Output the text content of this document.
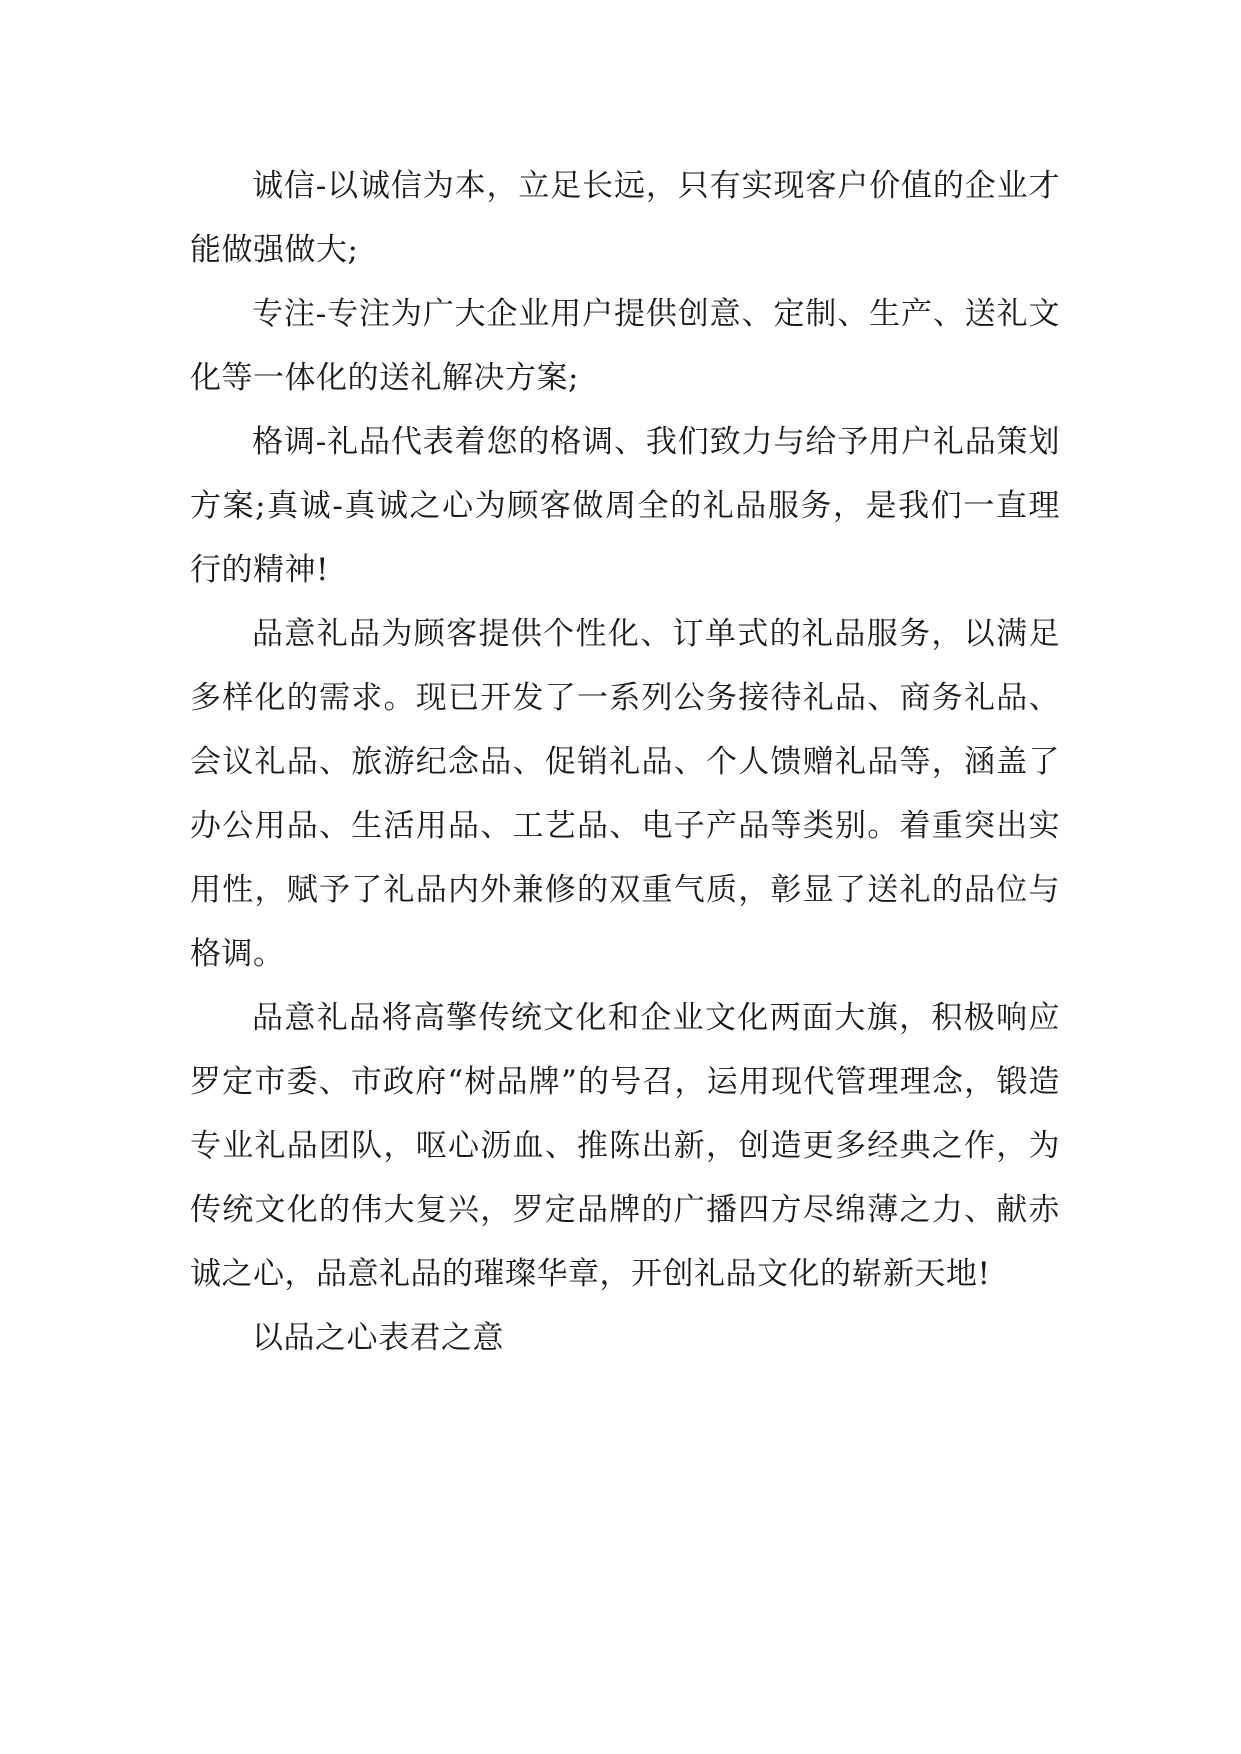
诚信-以诚信为本，立足长远，只有实现客户价值的企业才能做强做大;

专注-专注为广大企业用户提供创意、定制、生产、送礼文化等一体化的送礼解决方案;

格调-礼品代表着您的格调、我们致力与给予用户礼品策划方案;真诚-真诚之心为顾客做周全的礼品服务，是我们一直理行的精神!

品意礼品为顾客提供个性化、订单式的礼品服务，以满足多样化的需求。现已开发了一系列公务接待礼品、商务礼品、会议礼品、旅游纪念品、促销礼品、个人馈赠礼品等，涵盖了办公用品、生活用品、工艺品、电子产品等类别。着重突出实用性，赋予了礼品内外兼修的双重气质，彰显了送礼的品位与格调。

品意礼品将高擎传统文化和企业文化两面大旗，积极响应罗定市委、市政府“树品牌”的号召，运用现代管理理念，锻造专业礼品团队，呕心沥血、推陈出新，创造更多经典之作，为传统文化的伟大复兴，罗定品牌的广播四方尽绵薄之力、献赤诚之心，品意礼品的璀璨华章，开创礼品文化的崭新天地!

以品之心表君之意
